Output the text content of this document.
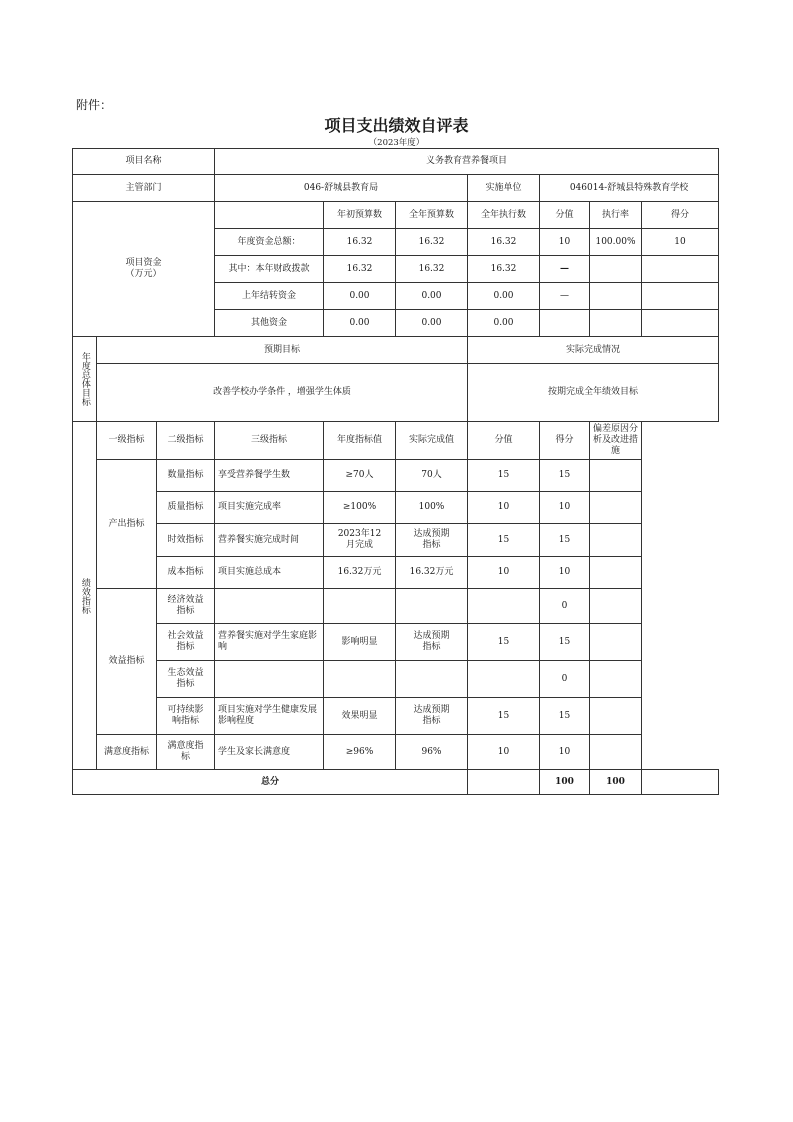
附件：
项目支出绩效自评表
（2023年度）
项目名称			义务教育营养餐项目						
主管部门			046-舒城县教育局			实施单位	046014-舒城县特殊教育学校		
项目资金
（万元）				年初预算数	全年预算数	全年执行数	分值	执行率	得分
			年度资金总额：	16.32	16.32	16.32	10	100.00%	10
			其中：本年财政拨款	16.32	16.32	16.32	—		
			上年结转资金	0.00	0.00	0.00	—		
			其他资金	0.00	0.00	0.00			
年度总体目标	预期目标					实际完成情况			
	改善学校办学条件 ，增强学生体质					按期完成全年绩效目标			
绩效指标	一级指标	二级指标	三级指标	年度指标值	实际完成值	分值	得分	偏差原因分析及改进措施	
	产出指标	数量指标	享受营养餐学生数	≥70人	70人	15	15		
		质量指标	项目实施完成率	≥100%	100%	10	10		
		时效指标	营养餐实施完成时间	2023年12月完成	达成预期指标	15	15		
		成本指标	项目实施总成本	16.32万元	16.32万元	10	10		
	效益指标	经济效益指标					0		
		社会效益指标	营养餐实施对学生家庭影响	影响明显	达成预期指标	15	15		
		生态效益指标					0		
		可持续影响指标	项目实施对学生健康发展影响程度	效果明显	达成预期指标	15	15		
	满意度指标	满意度指标	学生及家长满意度	≥96%	96%	10	10		
总分							100	100	
